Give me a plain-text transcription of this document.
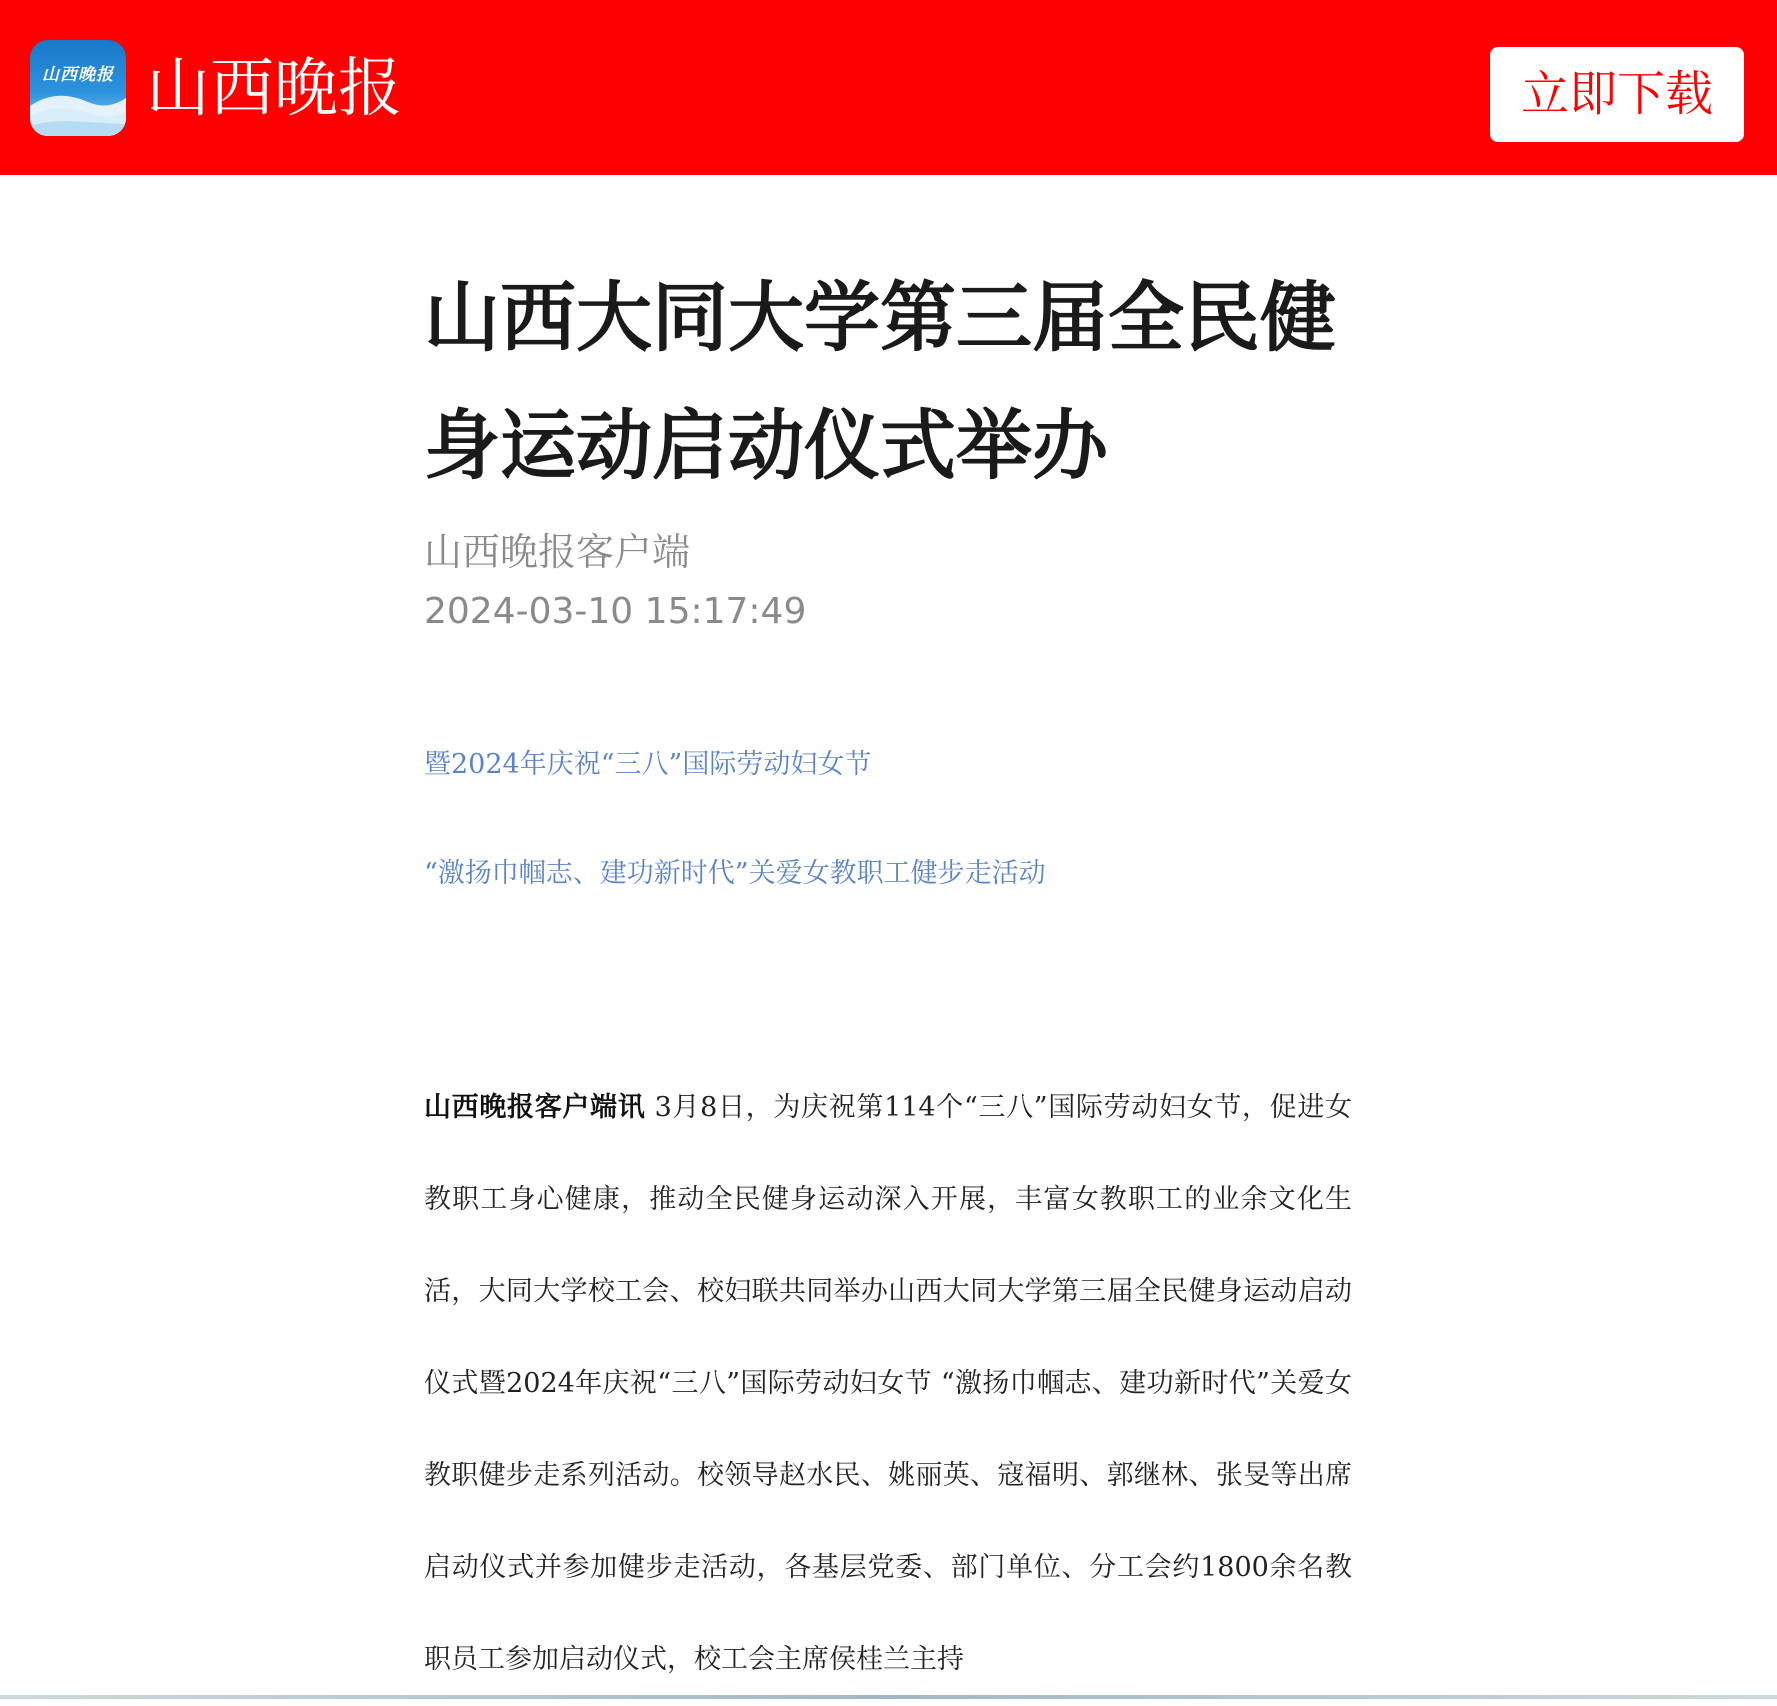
山西晚报 山西晚报	立即下载
山西大同大学第三届全民健身运动启动仪式举办
山西晚报客户端
2024-03-10 15:17:49
暨2024年庆祝“三八”国际劳动妇女节
“激扬巾帼志、建功新时代”关爱女教职工健步走活动

山西晚报客户端讯 3月8日，为庆祝第114个“三八”国际劳动妇女节，促进女教职工身心健康，推动全民健身运动深入开展，丰富女教职工的业余文化生活，大同大学校工会、校妇联共同举办山西大同大学第三届全民健身运动启动仪式暨2024年庆祝“三八”国际劳动妇女节 “激扬巾帼志、建功新时代”关爱女教职健步走系列活动。校领导赵水民、姚丽英、寇福明、郭继林、张旻等出席启动仪式并参加健步走活动，各基层党委、部门单位、分工会约1800余名教职员工参加启动仪式，校工会主席侯桂兰主持
